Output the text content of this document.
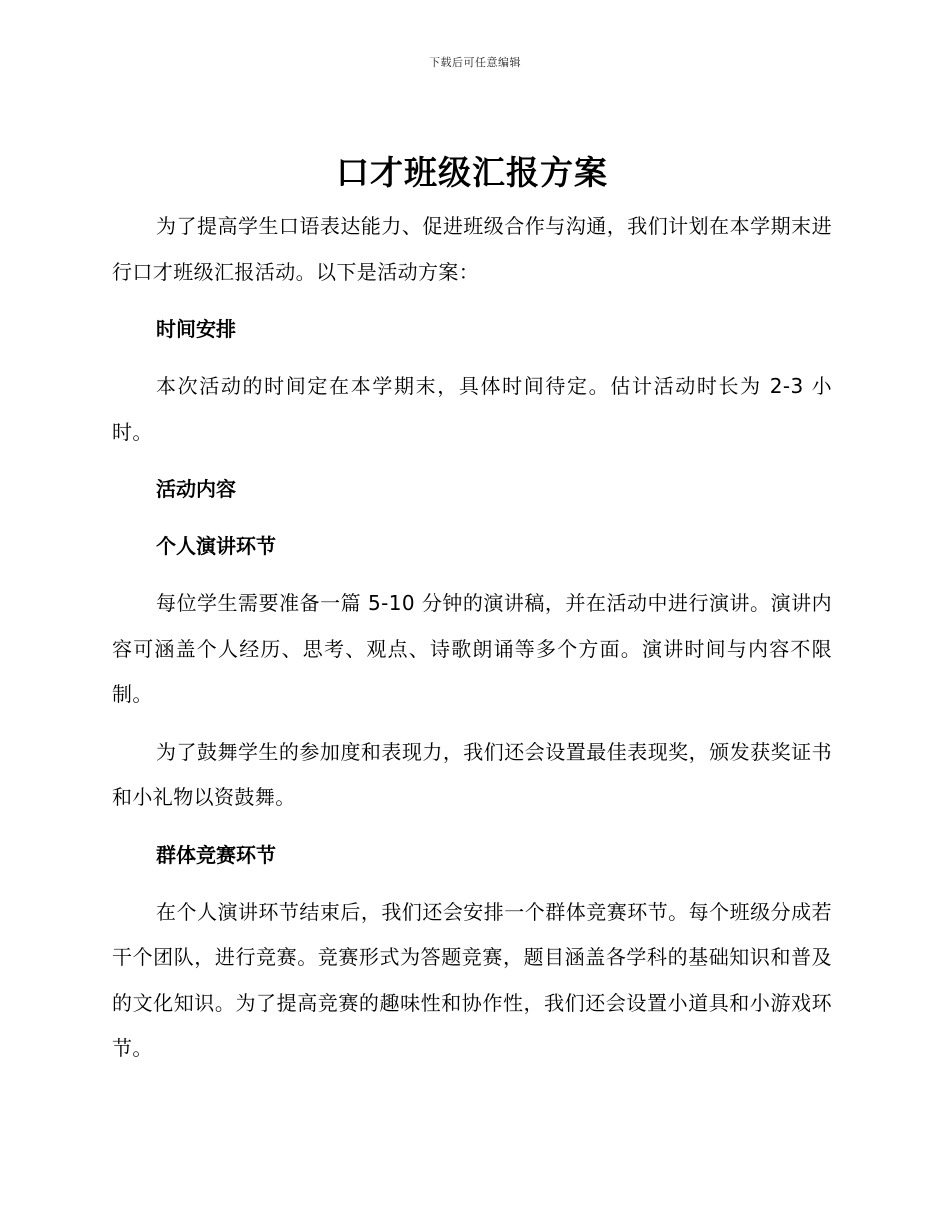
下载后可任意编辑
口才班级汇报方案

为了提高学生口语表达能力、促进班级合作与沟通，我们计划在本学期末进行口才班级汇报活动。以下是活动方案：

时间安排

本次活动的时间定在本学期末，具体时间待定。估计活动时长为 2-3 小时。

活动内容
个人演讲环节

每位学生需要准备一篇 5-10 分钟的演讲稿，并在活动中进行演讲。演讲内容可涵盖个人经历、思考、观点、诗歌朗诵等多个方面。演讲时间与内容不限制。

为了鼓舞学生的参加度和表现力，我们还会设置最佳表现奖，颁发获奖证书和小礼物以资鼓舞。

群体竞赛环节

在个人演讲环节结束后，我们还会安排一个群体竞赛环节。每个班级分成若干个团队，进行竞赛。竞赛形式为答题竞赛，题目涵盖各学科的基础知识和普及的文化知识。为了提高竞赛的趣味性和协作性，我们还会设置小道具和小游戏环节。
